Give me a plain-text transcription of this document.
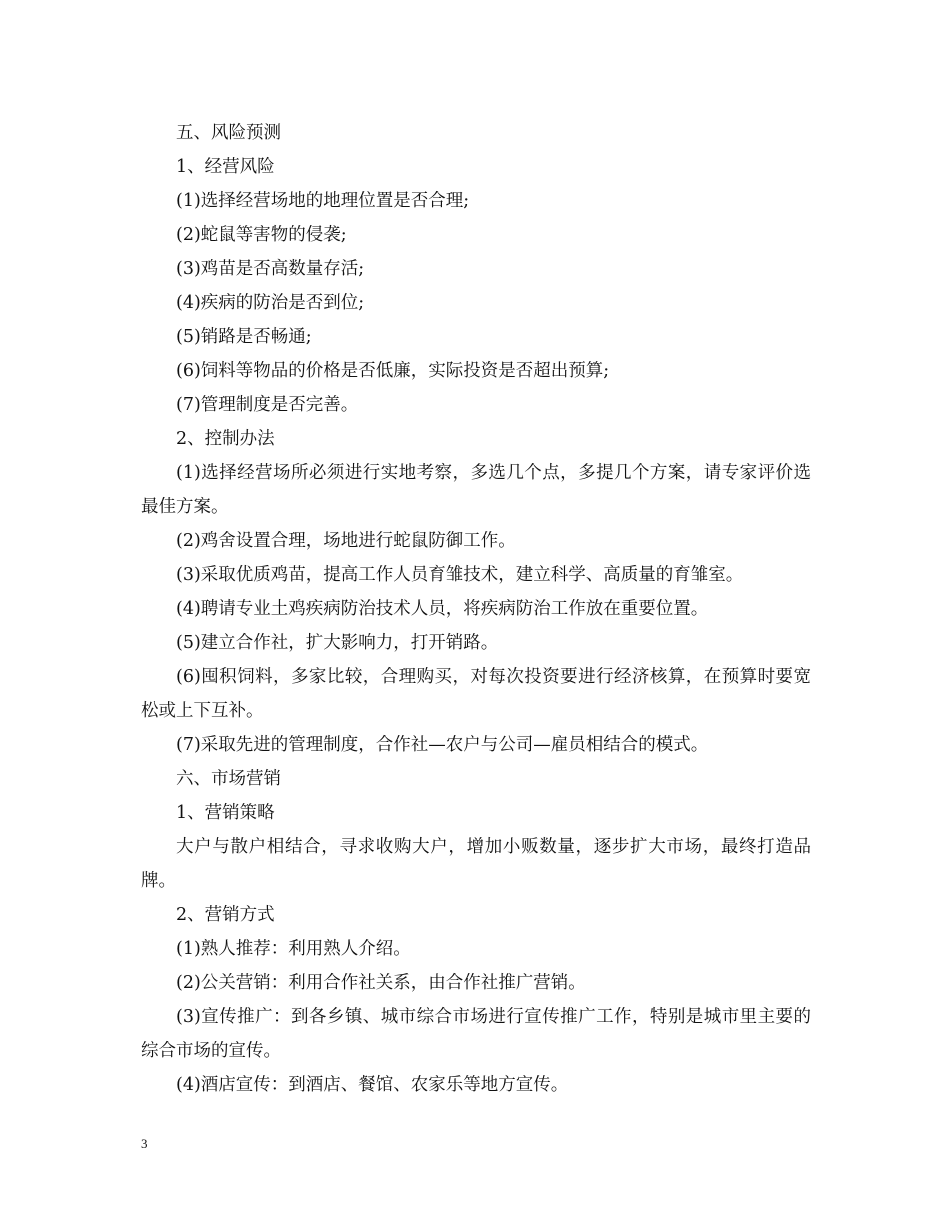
五、风险预测

1、经营风险

(1)选择经营场地的地理位置是否合理;

(2)蛇鼠等害物的侵袭;

(3)鸡苗是否高数量存活;

(4)疾病的防治是否到位;

(5)销路是否畅通;

(6)饲料等物品的价格是否低廉，实际投资是否超出预算;

(7)管理制度是否完善。

2、控制办法

(1)选择经营场所必须进行实地考察，多选几个点，多提几个方案，请专家评价选最佳方案。

(2)鸡舍设置合理，场地进行蛇鼠防御工作。

(3)采取优质鸡苗，提高工作人员育雏技术，建立科学、高质量的育雏室。

(4)聘请专业土鸡疾病防治技术人员，将疾病防治工作放在重要位置。

(5)建立合作社，扩大影响力，打开销路。

(6)囤积饲料，多家比较，合理购买，对每次投资要进行经济核算，在预算时要宽松或上下互补。

(7)采取先进的管理制度，合作社—农户与公司—雇员相结合的模式。

六、市场营销

1、营销策略

大户与散户相结合，寻求收购大户，增加小贩数量，逐步扩大市场，最终打造品牌。

2、营销方式

(1)熟人推荐：利用熟人介绍。

(2)公关营销：利用合作社关系，由合作社推广营销。

(3)宣传推广：到各乡镇、城市综合市场进行宣传推广工作，特别是城市里主要的综合市场的宣传。

(4)酒店宣传：到酒店、餐馆、农家乐等地方宣传。

3
